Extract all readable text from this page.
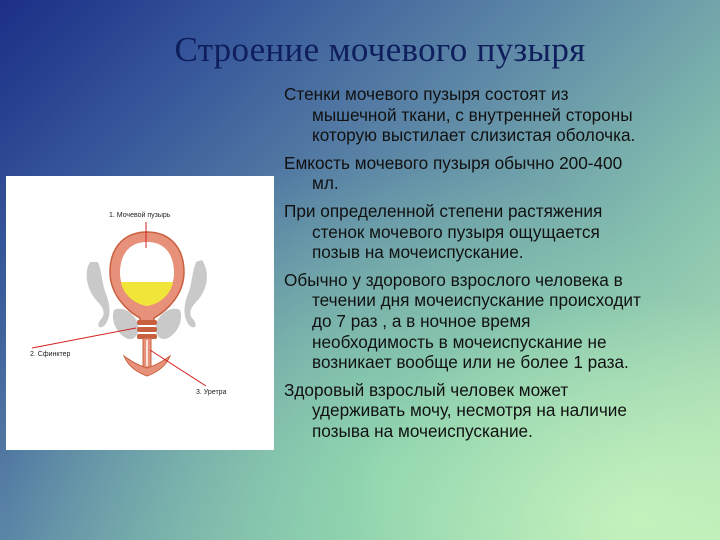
Строение мочевого пузыря
1. Мочевой пузырь
2. Сфинктер
3. Уретра

Стенки мочевого пузыря состоят из
мышечной ткани, с внутренней стороны
которую выстилает слизистая оболочка.

Емкость мочевого пузыря обычно 200-400
мл.

При определенной степени растяжения
стенок мочевого пузыря ощущается
позыв на мочеиспускание.

Обычно у здорового взрослого человека в
течении дня мочеиспускание происходит
до 7 раз , а в ночное время
необходимость в мочеиспускание не
возникает вообще или не более 1 раза.

Здоровый взрослый человек может
удерживать мочу, несмотря на наличие
позыва на мочеиспускание.
